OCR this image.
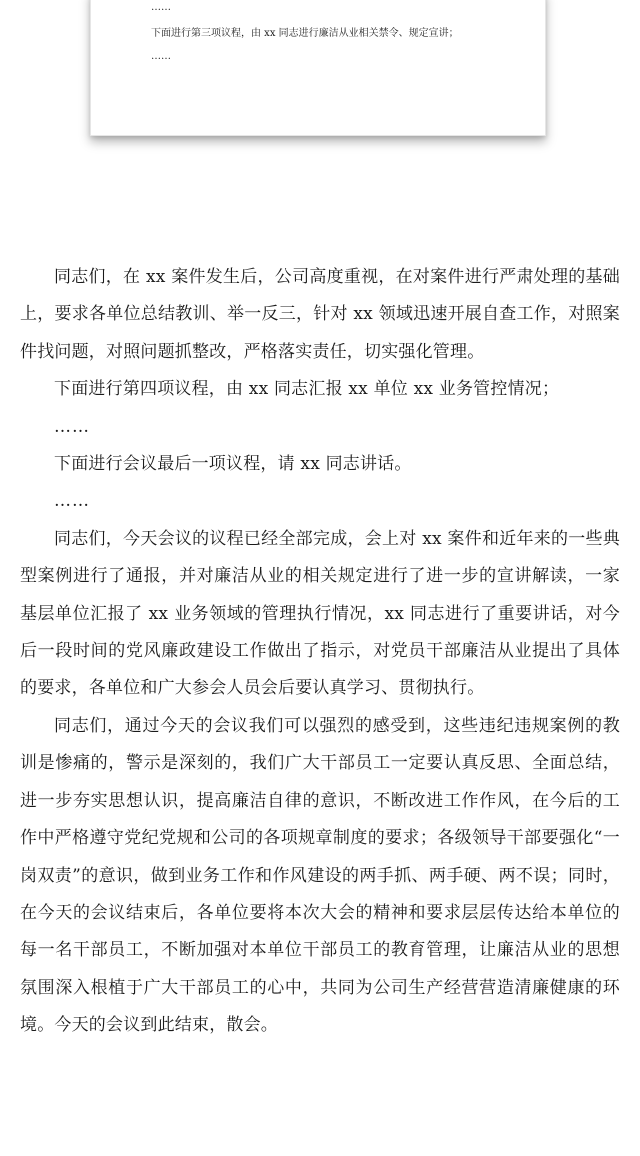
……
下面进行第三项议程，由 xx 同志进行廉洁从业相关禁令、规定宣讲；
……

同志们，在 xx 案件发生后，公司高度重视，在对案件进行严肃处理的基础上，要求各单位总结教训、举一反三，针对 xx 领域迅速开展自查工作，对照案件找问题，对照问题抓整改，严格落实责任，切实强化管理。

下面进行第四项议程，由 xx 同志汇报 xx 单位 xx 业务管控情况；

……

下面进行会议最后一项议程，请 xx 同志讲话。

……

同志们，今天会议的议程已经全部完成，会上对 xx 案件和近年来的一些典型案例进行了通报，并对廉洁从业的相关规定进行了进一步的宣讲解读，一家基层单位汇报了 xx 业务领域的管理执行情况，xx 同志进行了重要讲话，对今后一段时间的党风廉政建设工作做出了指示，对党员干部廉洁从业提出了具体的要求，各单位和广大参会人员会后要认真学习、贯彻执行。

同志们，通过今天的会议我们可以强烈的感受到，这些违纪违规案例的教训是惨痛的，警示是深刻的，我们广大干部员工一定要认真反思、全面总结，进一步夯实思想认识，提高廉洁自律的意识，不断改进工作作风，在今后的工作中严格遵守党纪党规和公司的各项规章制度的要求；各级领导干部要强化“一岗双责”的意识，做到业务工作和作风建设的两手抓、两手硬、两不误；同时，在今天的会议结束后，各单位要将本次大会的精神和要求层层传达给本单位的每一名干部员工，不断加强对本单位干部员工的教育管理，让廉洁从业的思想氛围深入根植于广大干部员工的心中，共同为公司生产经营营造清廉健康的环境。今天的会议到此结束，散会。
